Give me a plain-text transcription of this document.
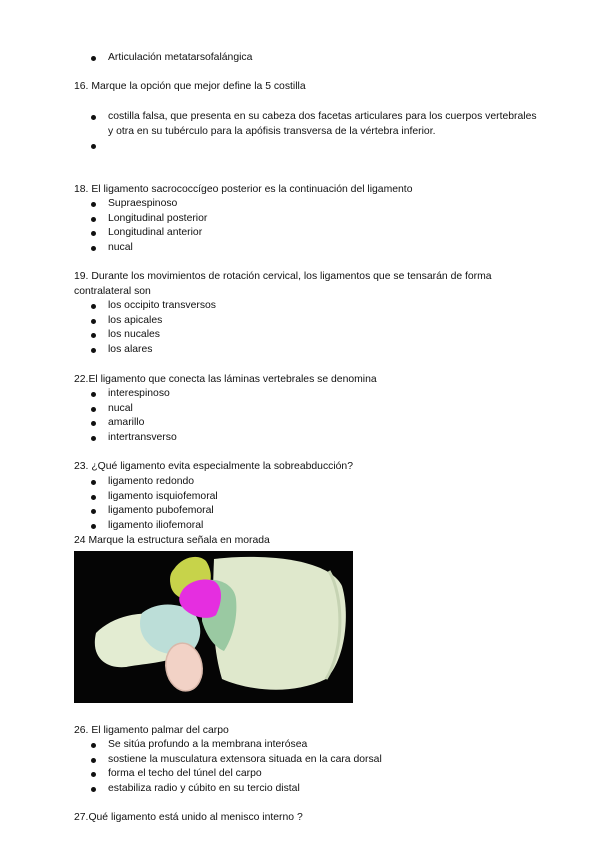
Articulación metatarsofalángica
16. Marque la opción que mejor define la 5 costilla
costilla falsa, que presenta en su cabeza dos facetas articulares para los cuerpos vertebrales y otra en su tubérculo para la apófisis transversa de la vértebra inferior.
18. El ligamento sacrococcígeo posterior es la continuación del ligamento
Supraespinoso
Longitudinal posterior
Longitudinal anterior
nucal
19. Durante los movimientos de rotación cervical, los ligamentos que se tensarán de forma contralateral son
los occipito transversos
los apicales
los nucales
los alares
22.El ligamento que conecta las láminas vertebrales se denomina
interespinoso
nucal
amarillo
intertransverso
23. ¿Qué ligamento evita especialmente la sobreabducción?
ligamento redondo
ligamento isquiofemoral
ligamento pubofemoral
ligamento iliofemoral
24 Marque la estructura señala en morada
26. El ligamento palmar del carpo
Se sitúa profundo a la membrana interósea
sostiene la musculatura extensora situada en la cara dorsal
forma el techo del túnel del carpo
estabiliza radio y cúbito en su tercio distal
27.Qué ligamento está unido al menisco interno ?
